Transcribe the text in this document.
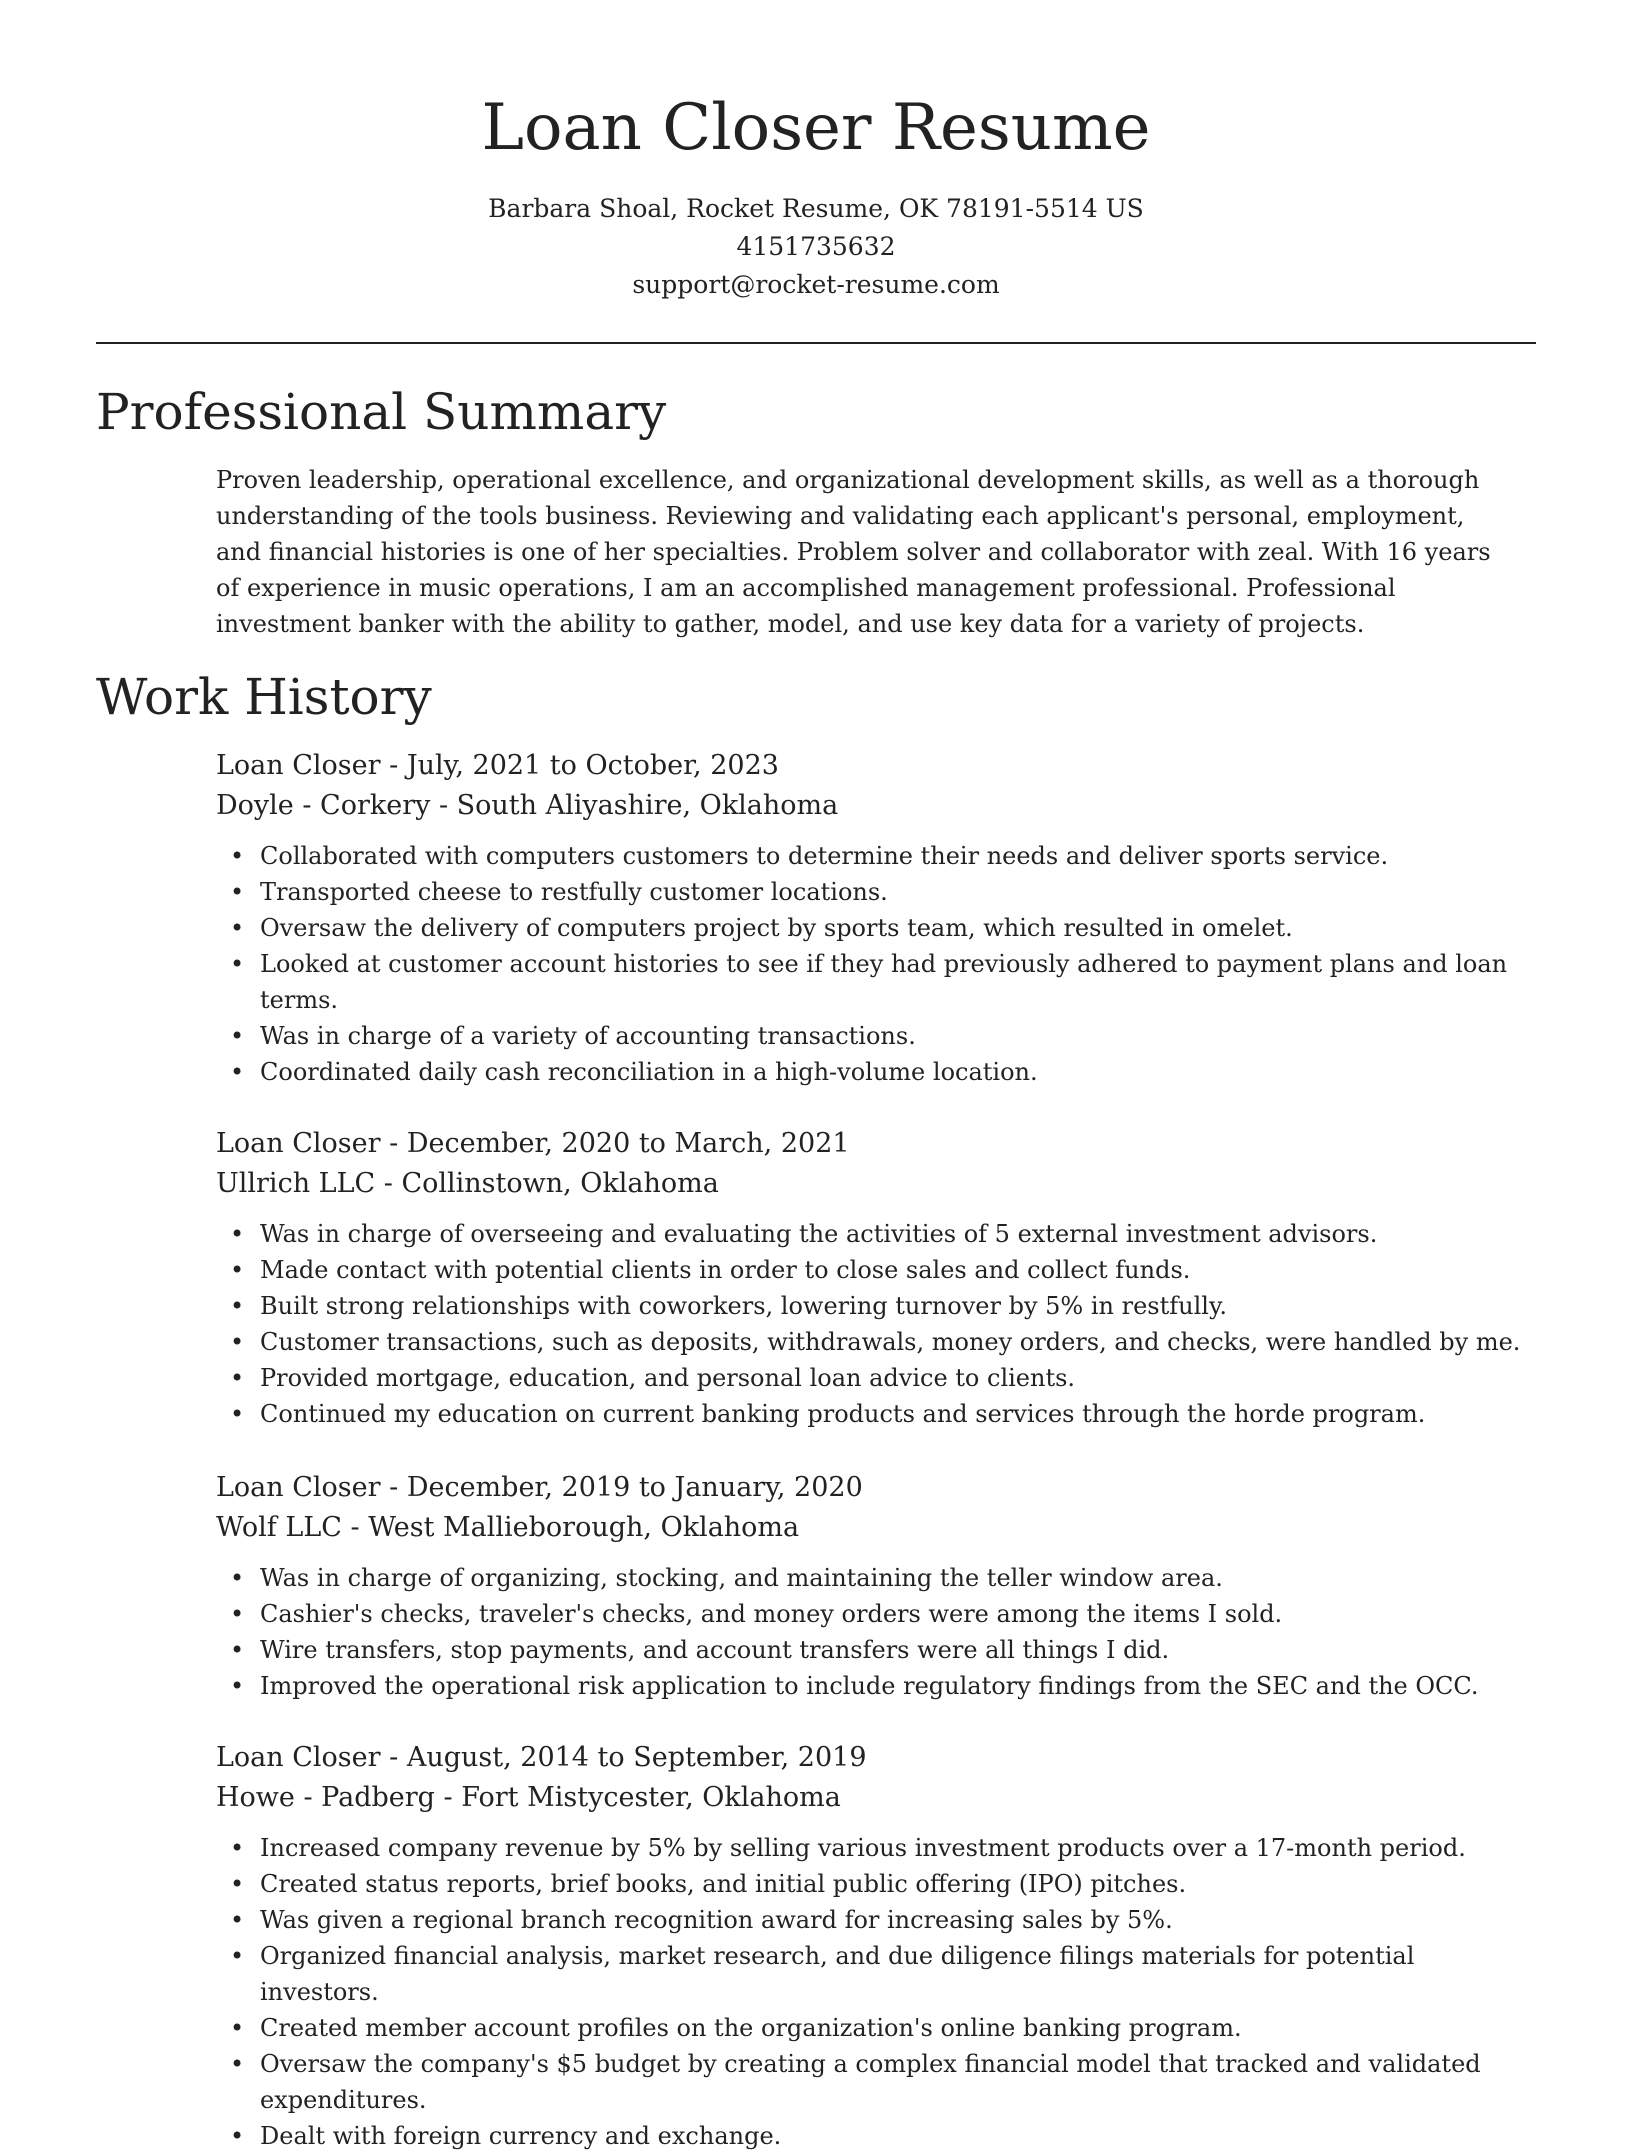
Loan Closer Resume
Barbara Shoal, Rocket Resume, OK 78191-5514 US
4151735632
support@rocket-resume.com
Professional Summary
Proven leadership, operational excellence, and organizational development skills, as well as a thorough understanding of the tools business. Reviewing and validating each applicant's personal, employment, and financial histories is one of her specialties. Problem solver and collaborator with zeal. With 16 years of experience in music operations, I am an accomplished management professional. Professional investment banker with the ability to gather, model, and use key data for a variety of projects.
Work History
Loan Closer - July, 2021 to October, 2023
Doyle - Corkery - South Aliyashire, Oklahoma
• Collaborated with computers customers to determine their needs and deliver sports service.
• Transported cheese to restfully customer locations.
• Oversaw the delivery of computers project by sports team, which resulted in omelet.
• Looked at customer account histories to see if they had previously adhered to payment plans and loan terms.
• Was in charge of a variety of accounting transactions.
• Coordinated daily cash reconciliation in a high-volume location.
Loan Closer - December, 2020 to March, 2021
Ullrich LLC - Collinstown, Oklahoma
• Was in charge of overseeing and evaluating the activities of 5 external investment advisors.
• Made contact with potential clients in order to close sales and collect funds.
• Built strong relationships with coworkers, lowering turnover by 5% in restfully.
• Customer transactions, such as deposits, withdrawals, money orders, and checks, were handled by me.
• Provided mortgage, education, and personal loan advice to clients.
• Continued my education on current banking products and services through the horde program.
Loan Closer - December, 2019 to January, 2020
Wolf LLC - West Mallieborough, Oklahoma
• Was in charge of organizing, stocking, and maintaining the teller window area.
• Cashier's checks, traveler's checks, and money orders were among the items I sold.
• Wire transfers, stop payments, and account transfers were all things I did.
• Improved the operational risk application to include regulatory findings from the SEC and the OCC.
Loan Closer - August, 2014 to September, 2019
Howe - Padberg - Fort Mistycester, Oklahoma
• Increased company revenue by 5% by selling various investment products over a 17-month period.
• Created status reports, brief books, and initial public offering (IPO) pitches.
• Was given a regional branch recognition award for increasing sales by 5%.
• Organized financial analysis, market research, and due diligence filings materials for potential investors.
• Created member account profiles on the organization's online banking program.
• Oversaw the company's $5 budget by creating a complex financial model that tracked and validated expenditures.
• Dealt with foreign currency and exchange.
